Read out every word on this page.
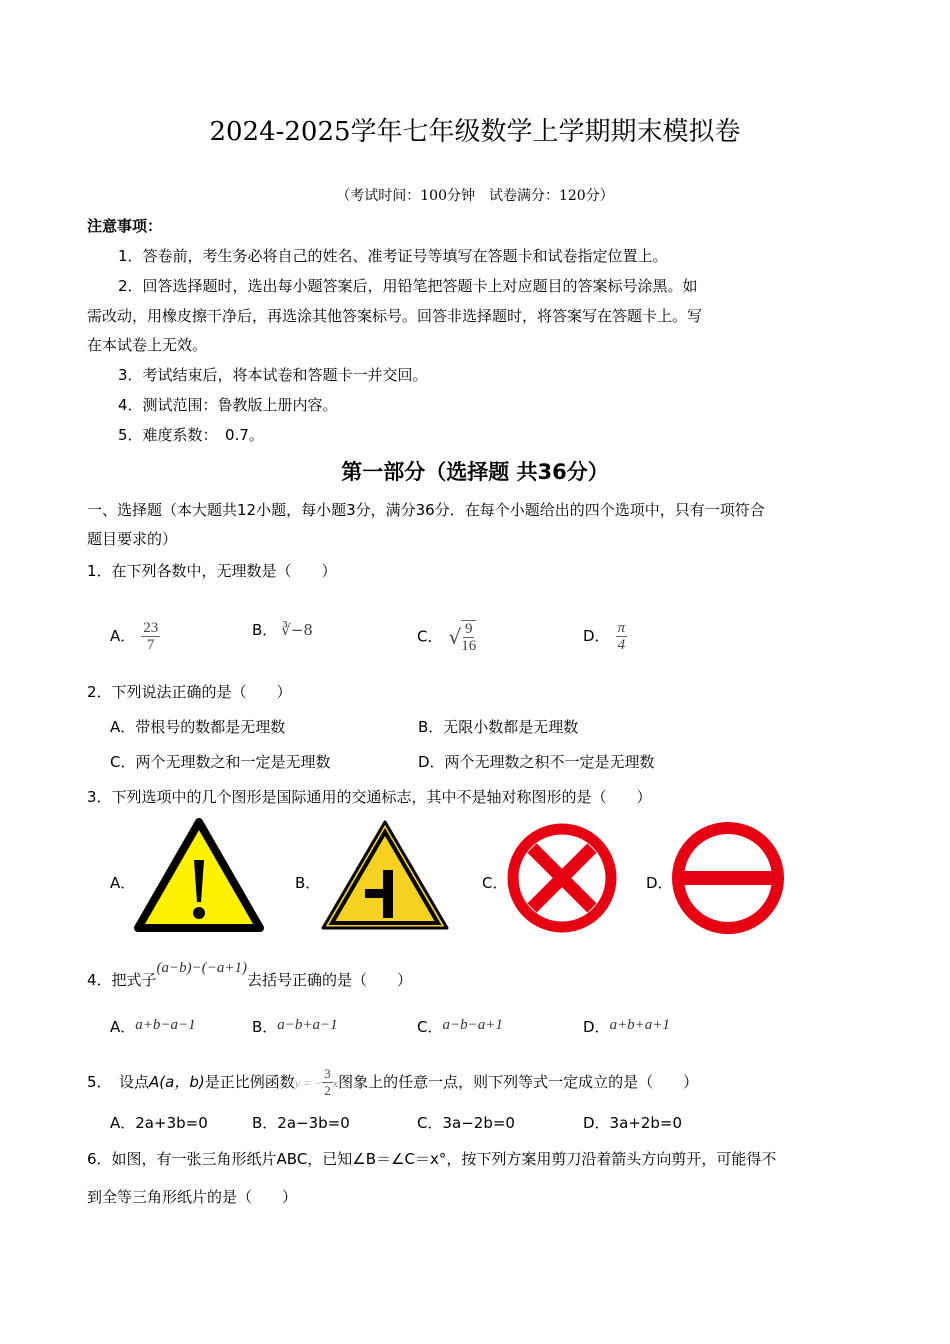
2024-2025学年七年级数学上学期期末模拟卷
（考试时间：100分钟　试卷满分：120分）
注意事项：
1．答卷前，考生务必将自己的姓名、准考证号等填写在答题卡和试卷指定位置上。
2．回答选择题时，选出每小题答案后，用铅笔把答题卡上对应题目的答案标号涂黑。如
需改动，用橡皮擦干净后，再选涂其他答案标号。回答非选择题时，将答案写在答题卡上。写
在本试卷上无效。
3．考试结束后，将本试卷和答题卡一并交回。
4．测试范围：鲁教版上册内容。
5．难度系数：　0.7。
第一部分（选择题 共36分）
一、选择题（本大题共12小题，每小题3分，满分36分．在每个小题给出的四个选项中，只有一项符合
题目要求的）
1．在下列各数中，无理数是（　　）
A． $\frac{23}{7}$	B． ∛−8	C． √ $\frac{9}{16}$	D． $\frac{\pi}{4}$
2．下列说法正确的是（　　）
A．带根号的数都是无理数	B．无限小数都是无理数
C．两个无理数之和一定是无理数	D．两个无理数之积不一定是无理数
3．下列选项中的几个图形是国际通用的交通标志，其中不是轴对称图形的是（　　）
A．	B．	C．	D．
4．把式子(a−b)−(−a+1)去括号正确的是（　　）
A．a+b−a−1	B．a−b+a−1	C．a−b−a+1	D．a+b+a+1
5．　设点A(a，b)是正比例函数y = − $\frac{3}{2}$ x图象上的任意一点，则下列等式一定成立的是（　　）
A．2a+3b=0	B．2a−3b=0	C．3a−2b=0	D．3a+2b=0
6．如图，有一张三角形纸片ABC，已知∠B＝∠C＝x°，按下列方案用剪刀沿着箭头方向剪开，可能得不
到全等三角形纸片的是（　　）
